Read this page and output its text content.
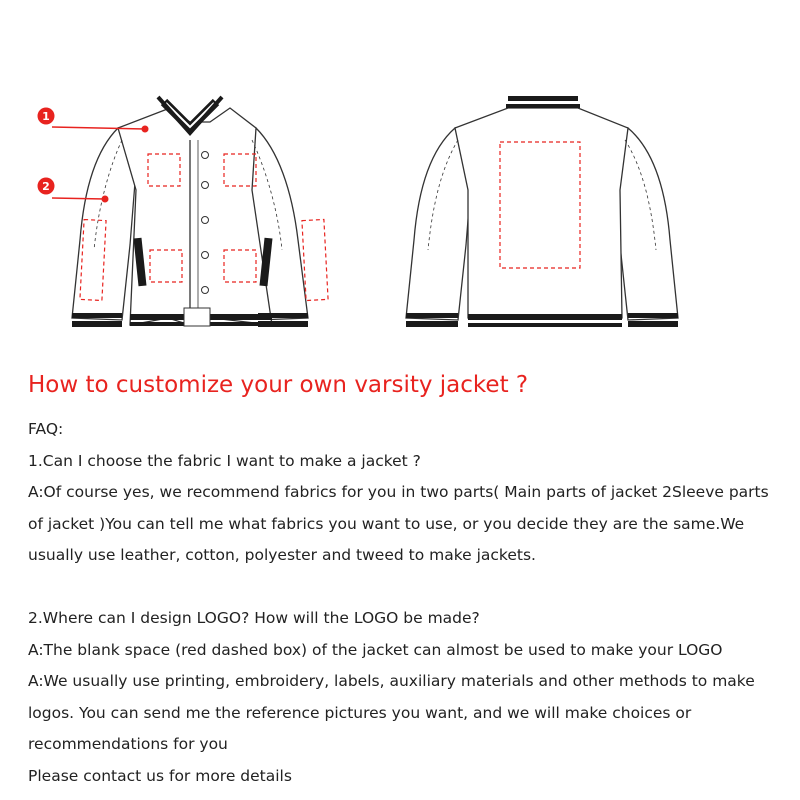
1
2
How to customize your own varsity jacket ?

FAQ:

1.Can I choose the fabric I want to make a jacket ?

A:Of course yes, we recommend fabrics for you in two parts( Main parts of jacket 2Sleeve parts of jacket )You can tell me what fabrics you want to use, or you decide they are the same.We usually use leather, cotton, polyester and tweed to make jackets.

2.Where can I design LOGO? How will the LOGO be made?

A:The blank space (red dashed box) of the jacket can almost be used to make your LOGO

A:We usually use printing, embroidery, labels, auxiliary materials and other methods to make logos. You can send me the reference pictures you want, and we will make choices or recommendations for you

Please contact us for more details
